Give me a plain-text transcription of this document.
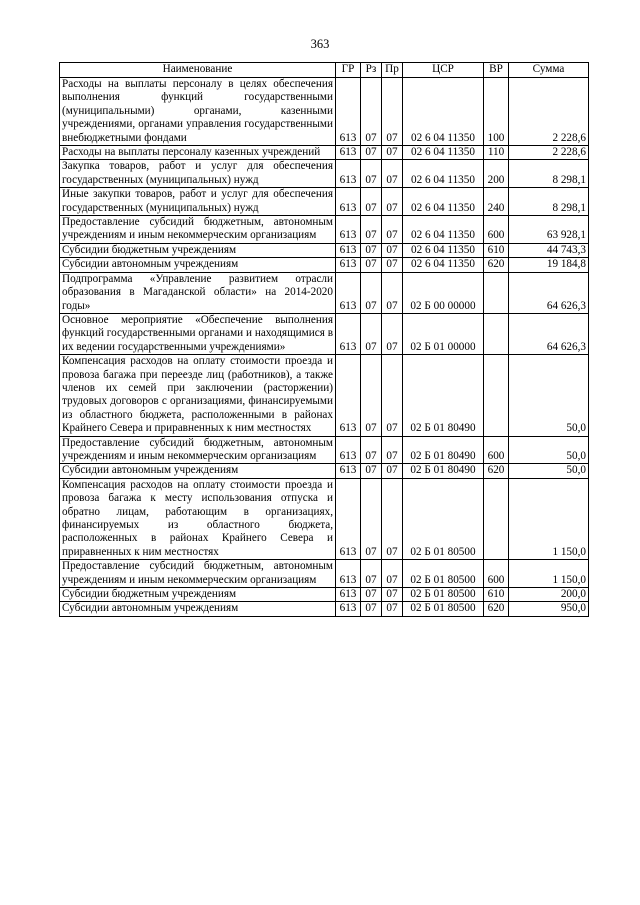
363
Наименование	ГР	Рз	Пр	ЦСР	ВР	Сумма
Расходы на выплаты персоналу в целях обеспечения выполнения функций государственными (муниципальными) органами, казенными учреждениями, органами управления государственными внебюджетными фондами	613	07	07	02 6 04 11350	100	2 228,6
Расходы на выплаты персоналу казенных учреждений	613	07	07	02 6 04 11350	110	2 228,6
Закупка товаров, работ и услуг для обеспечения государственных (муниципальных) нужд	613	07	07	02 6 04 11350	200	8 298,1
Иные закупки товаров, работ и услуг для обеспечения государственных (муниципальных) нужд	613	07	07	02 6 04 11350	240	8 298,1
Предоставление субсидий бюджетным, автономным учреждениям и иным некоммерческим организациям	613	07	07	02 6 04 11350	600	63 928,1
Субсидии бюджетным учреждениям	613	07	07	02 6 04 11350	610	44 743,3
Субсидии автономным учреждениям	613	07	07	02 6 04 11350	620	19 184,8
Подпрограмма «Управление развитием отрасли образования в Магаданской области» на 2014-2020 годы»	613	07	07	02 Б 00 00000		64 626,3
Основное мероприятие «Обеспечение выполнения функций государственными органами и находящимися в их ведении государственными учреждениями»	613	07	07	02 Б 01 00000		64 626,3
Компенсация расходов на оплату стоимости проезда и провоза багажа при переезде лиц (работников), а также членов их семей при заключении (расторжении) трудовых договоров с организациями, финансируемыми из областного бюджета, расположенными в районах Крайнего Севера и приравненных к ним местностях	613	07	07	02 Б 01 80490		50,0
Предоставление субсидий бюджетным, автономным учреждениям и иным некоммерческим организациям	613	07	07	02 Б 01 80490	600	50,0
Субсидии автономным учреждениям	613	07	07	02 Б 01 80490	620	50,0
Компенсация расходов на оплату стоимости проезда и провоза багажа к месту использования отпуска и обратно лицам, работающим в организациях, финансируемых из областного бюджета, расположенных в районах Крайнего Севера и приравненных к ним местностях	613	07	07	02 Б 01 80500		1 150,0
Предоставление субсидий бюджетным, автономным учреждениям и иным некоммерческим организациям	613	07	07	02 Б 01 80500	600	1 150,0
Субсидии бюджетным учреждениям	613	07	07	02 Б 01 80500	610	200,0
Субсидии автономным учреждениям	613	07	07	02 Б 01 80500	620	950,0
